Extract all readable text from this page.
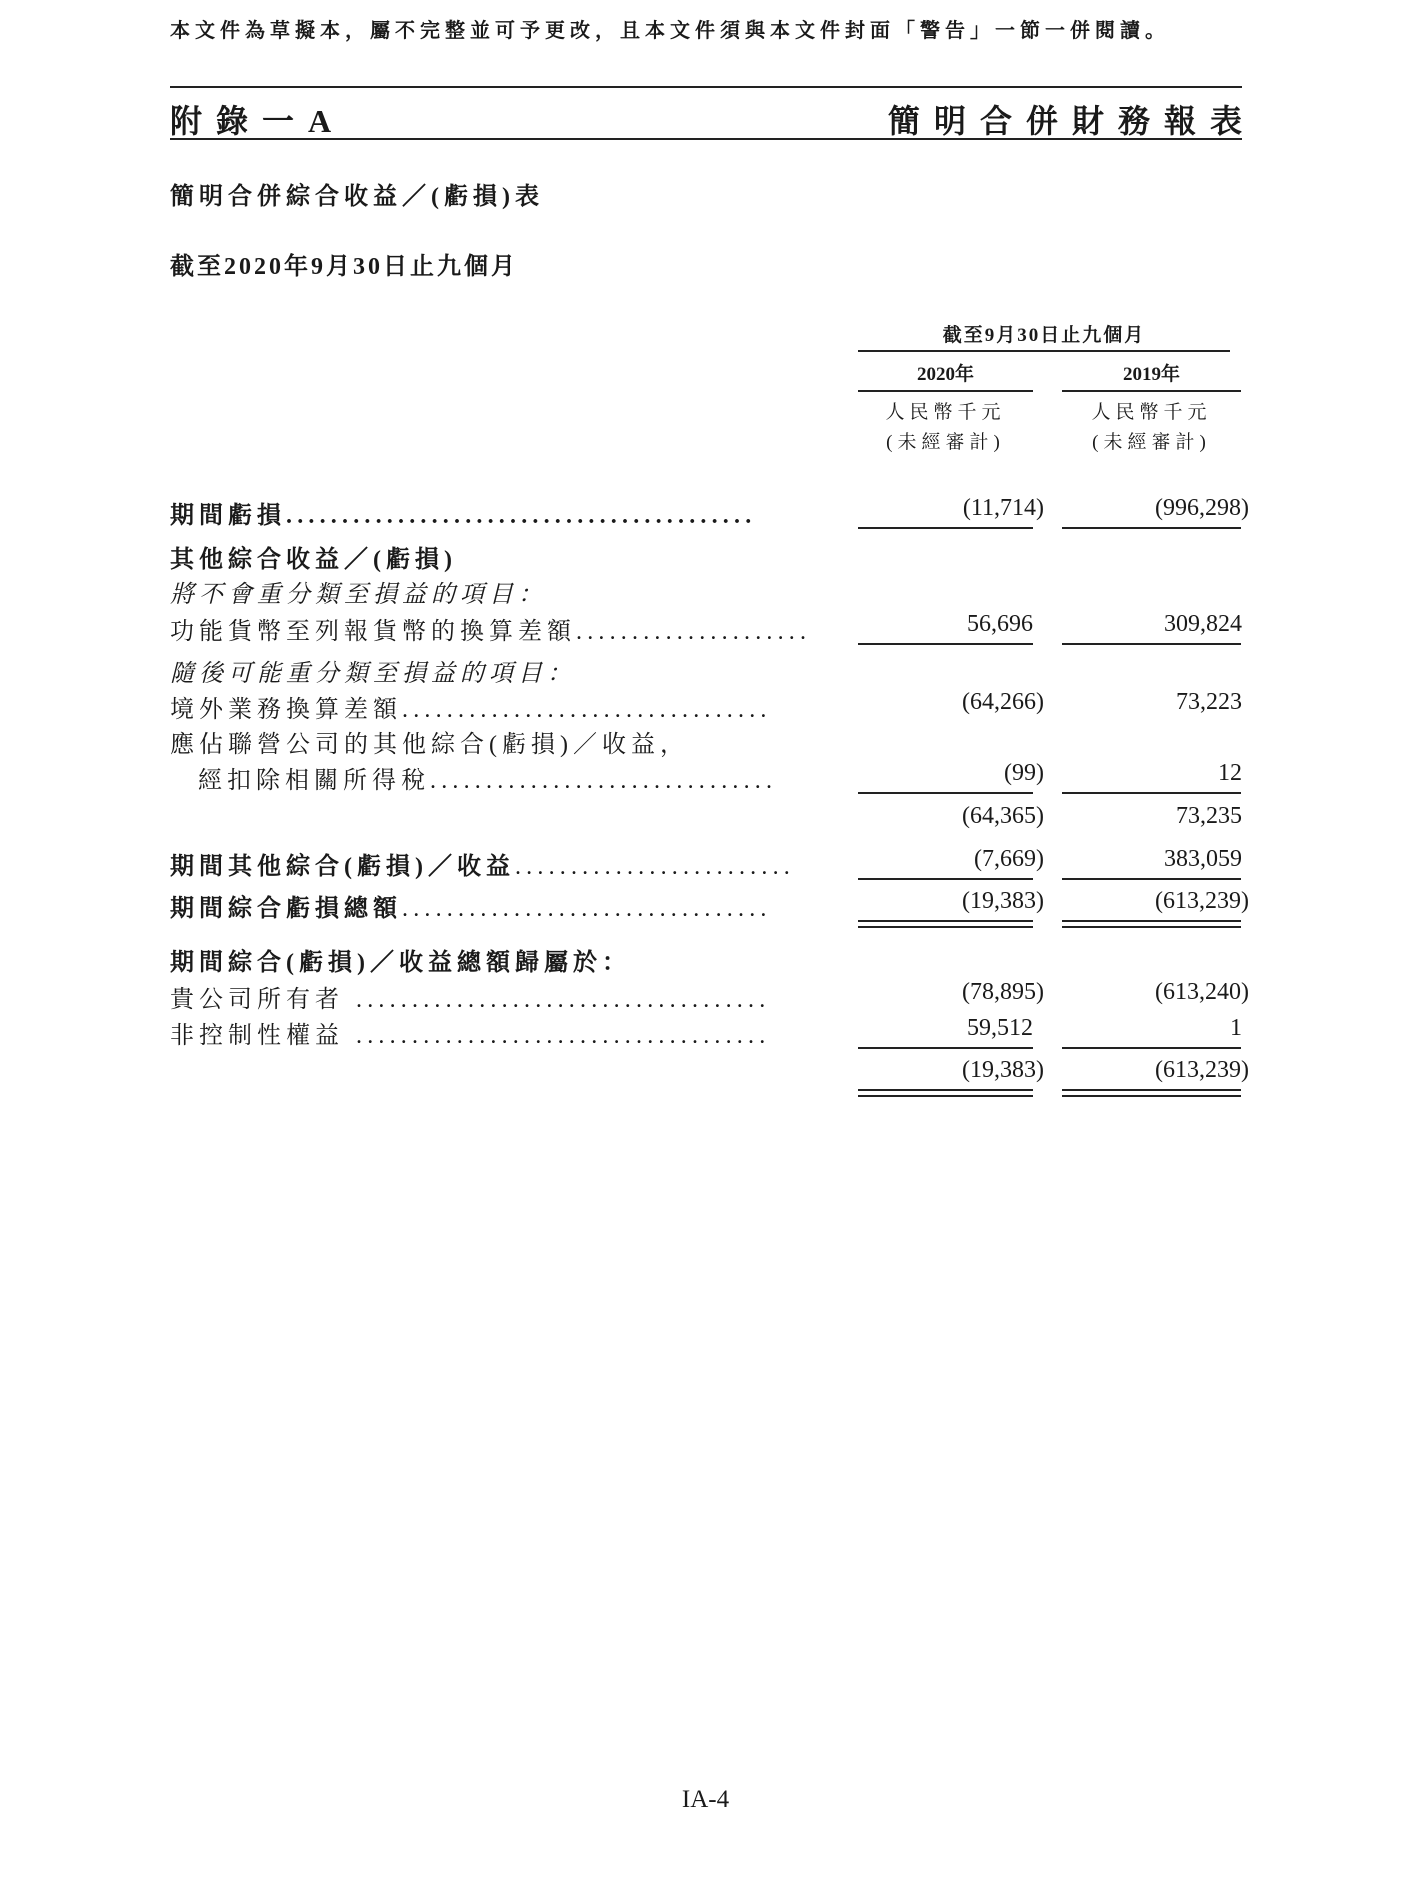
本文件為草擬本，屬不完整並可予更改，且本文件須與本文件封面「警告」一節一併閱讀。
附錄一A	簡明合併財務報表
簡明合併綜合收益／(虧損)表
截至2020年9月30日止九個月
截至9月30日止九個月
2020年	2019年
人民幣千元	人民幣千元
(未經審計)	(未經審計)
期間虧損..........................................	(11,714)	(996,298)
其他綜合收益／(虧損)
將不會重分類至損益的項目：
功能貨幣至列報貨幣的換算差額.....................	56,696	309,824
隨後可能重分類至損益的項目：
境外業務換算差額.................................	(64,266)	73,223
應佔聯營公司的其他綜合(虧損)／收益，
經扣除相關所得稅...............................	(99)	12
(64,365)	73,235
期間其他綜合(虧損)／收益.........................	(7,669)	383,059
期間綜合虧損總額.................................	(19,383)	(613,239)
期間綜合(虧損)／收益總額歸屬於：
貴公司所有者 .....................................	(78,895)	(613,240)
非控制性權益 .....................................	59,512	1
(19,383)	(613,239)
IA-4
